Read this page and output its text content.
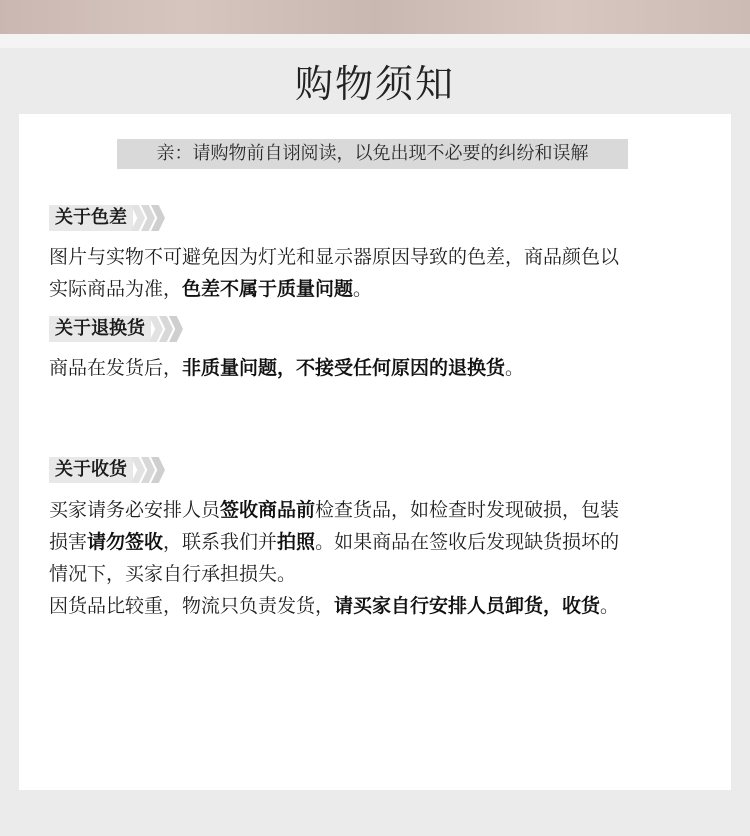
购物须知
亲：请购物前自诩阅读，以免出现不必要的纠纷和误解
关于色差
图片与实物不可避免因为灯光和显示器原因导致的色差，商品颜色以
实际商品为准，色差不属于质量问题。
关于退换货
商品在发货后，非质量问题，不接受任何原因的退换货。
关于收货
买家请务必安排人员签收商品前检查货品，如检查时发现破损，包装
损害请勿签收，联系我们并拍照。如果商品在签收后发现缺货损坏的
情况下，买家自行承担损失。
因货品比较重，物流只负责发货，请买家自行安排人员卸货，收货。
